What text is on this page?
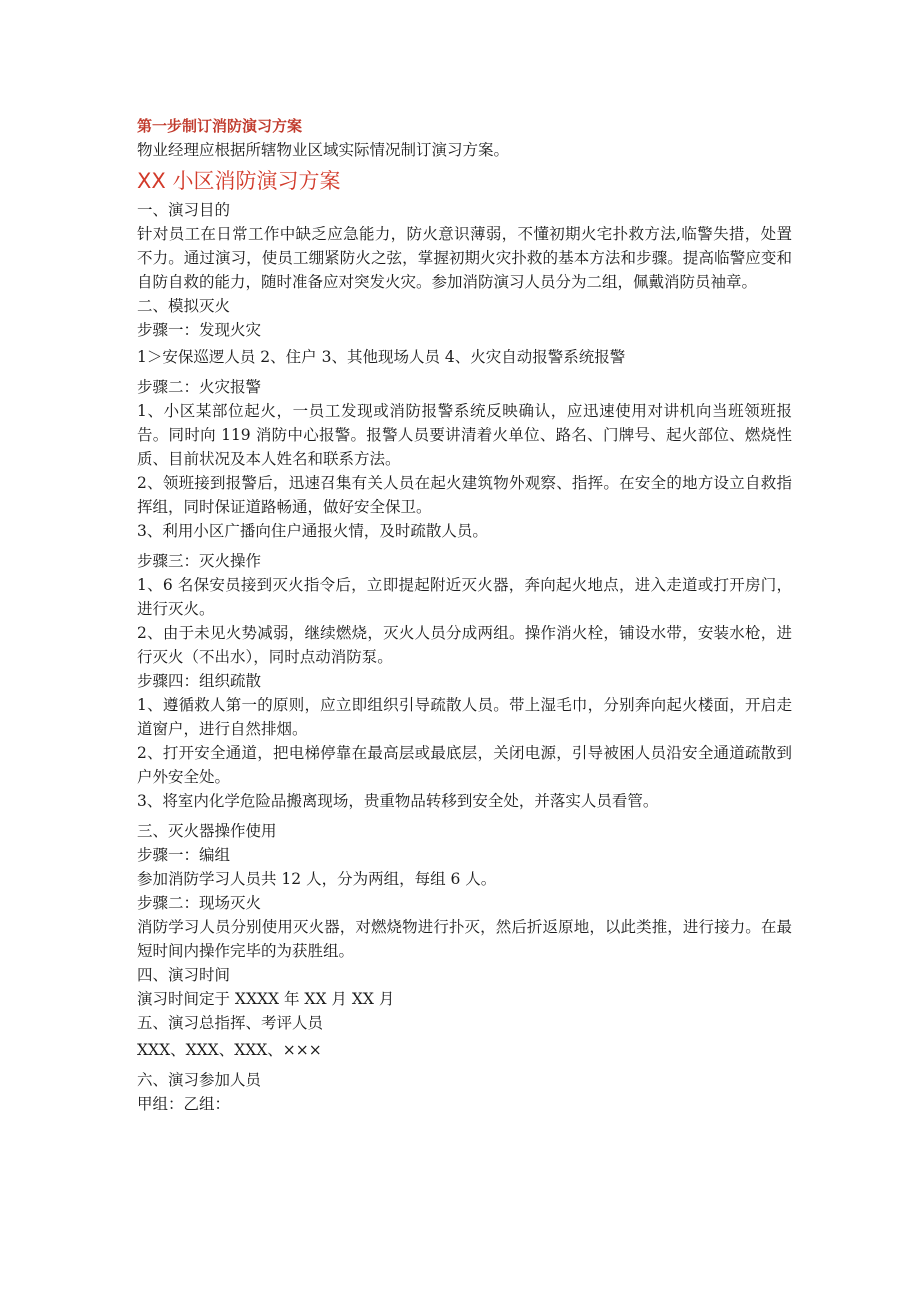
第一步制订消防演习方案

物业经理应根据所辖物业区域实际情况制订演习方案。

XX 小区消防演习方案

一、演习目的

针对员工在日常工作中缺乏应急能力，防火意识薄弱，不懂初期火宅扑救方法,临警失措，处置不力。通过演习，使员工绷紧防火之弦，掌握初期火灾扑救的基本方法和步骤。提高临警应变和自防自救的能力，随时准备应对突发火灾。参加消防演习人员分为二组，佩戴消防员袖章。

二、模拟灭火

步骤一：发现火灾

1＞安保巡逻人员 2、住户 3、其他现场人员 4、火灾自动报警系统报警

步骤二：火灾报警

1、小区某部位起火，一员工发现或消防报警系统反映确认，应迅速使用对讲机向当班领班报告。同时向 119 消防中心报警。报警人员要讲清着火单位、路名、门牌号、起火部位、燃烧性质、目前状况及本人姓名和联系方法。

2、领班接到报警后，迅速召集有关人员在起火建筑物外观察、指挥。在安全的地方设立自救指挥组，同时保证道路畅通，做好安全保卫。

3、利用小区广播向住户通报火情，及时疏散人员。

步骤三：灭火操作

1、6 名保安员接到灭火指令后，立即提起附近灭火器，奔向起火地点，进入走道或打开房门，进行灭火。

2、由于未见火势减弱，继续燃烧，灭火人员分成两组。操作消火栓，铺设水带，安装水枪，进行灭火（不出水），同时点动消防泵。

步骤四：组织疏散

1、遵循救人第一的原则，应立即组织引导疏散人员。带上湿毛巾，分别奔向起火楼面，开启走道窗户，进行自然排烟。

2、打开安全通道，把电梯停靠在最高层或最底层，关闭电源，引导被困人员沿安全通道疏散到户外安全处。

3、将室内化学危险品搬离现场，贵重物品转移到安全处，并落实人员看管。

三、灭火器操作使用

步骤一：编组

参加消防学习人员共 12 人，分为两组，每组 6 人。

步骤二：现场灭火

消防学习人员分别使用灭火器，对燃烧物进行扑灭，然后折返原地，以此类推，进行接力。在最短时间内操作完毕的为获胜组。

四、演习时间

演习时间定于 XXXX 年 XX 月 XX 月

五、演习总指挥、考评人员

XXX、XXX、XXX、×××

六、演习参加人员

甲组：乙组：
